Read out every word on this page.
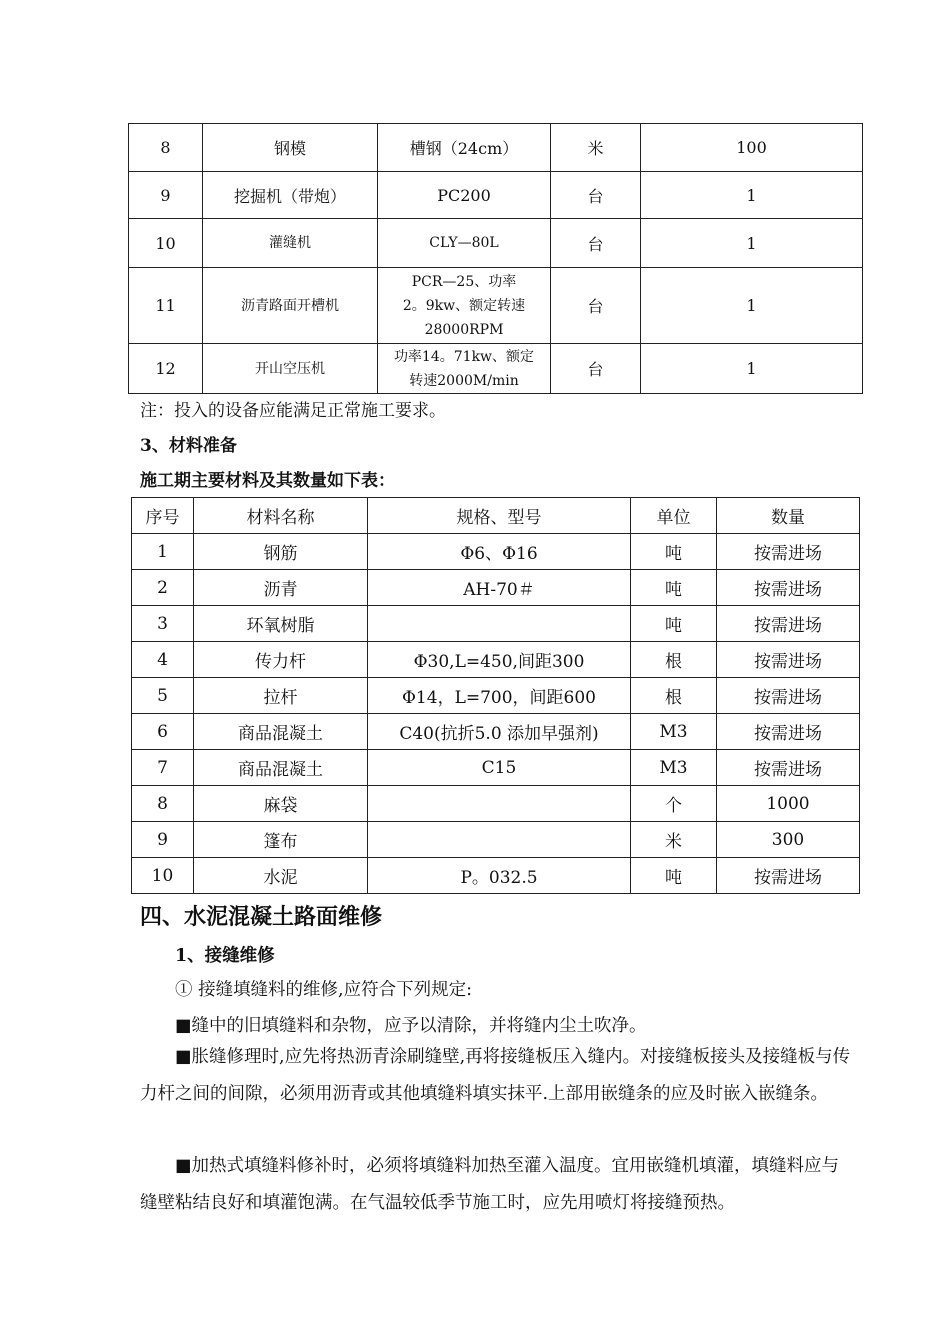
8	钢模	槽钢（24cm）	米	100
9	挖掘机（带炮）	PC200	台	1
10	灌缝机	CLY—80L	台	1
11	沥青路面开槽机	PCR—25、功率
2。9kw、额定转速
28000RPM	台	1
12	开山空压机	功率14。71kw、额定
转速2000M/min	台	1
注：投入的设备应能满足正常施工要求。
3、材料准备
施工期主要材料及其数量如下表：
序号	材料名称	规格、型号	单位	数量
1	钢筋	Φ6、Φ16	吨	按需进场
2	沥青	AH-70＃	吨	按需进场
3	环氧树脂		吨	按需进场
4	传力杆	Φ30,L=450,间距300	根	按需进场
5	拉杆	Φ14，L=700，间距600	根	按需进场
6	商品混凝土	C40(抗折5.0 添加早强剂)	M3	按需进场
7	商品混凝土	C15	M3	按需进场
8	麻袋		个	1000
9	篷布		米	300
10	水泥	P。032.5	吨	按需进场
四、水泥混凝土路面维修
1、接缝维修
① 接缝填缝料的维修,应符合下列规定:
■缝中的旧填缝料和杂物，应予以清除，并将缝内尘土吹净。

■胀缝修理时,应先将热沥青涂刷缝壁,再将接缝板压入缝内。对接缝板接头及接缝板与传力杆之间的间隙，必须用沥青或其他填缝料填实抹平.上部用嵌缝条的应及时嵌入嵌缝条。

■加热式填缝料修补时，必须将填缝料加热至灌入温度。宜用嵌缝机填灌，填缝料应与缝壁粘结良好和填灌饱满。在气温较低季节施工时，应先用喷灯将接缝预热。
